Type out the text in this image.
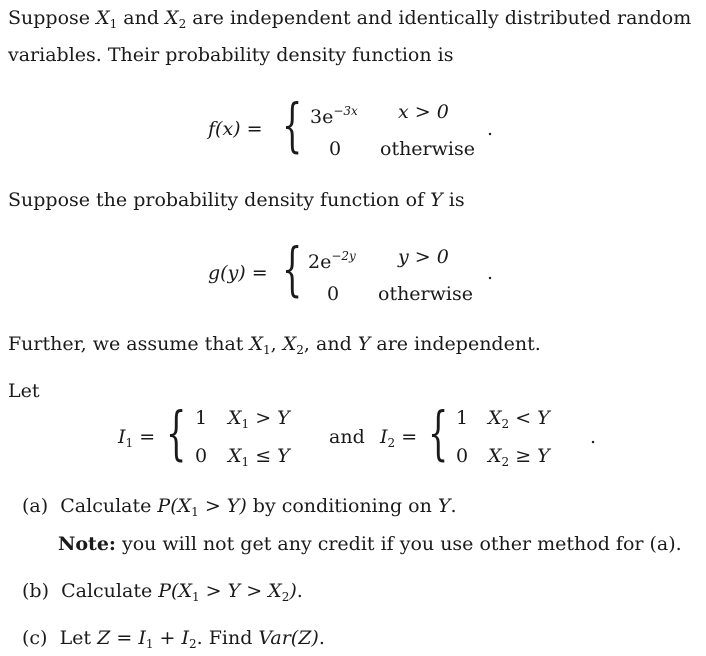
Suppose $X_1$ and $X_2$ are independent and identically distributed random
variables. Their probability density function is
f(x) = { $3e^{-3x}$ x > 0
0 otherwise
.
Suppose the probability density function of Y is
g(y) = { $2e^{-2y}$ y > 0
0 otherwise
.
Further, we assume that $X_1$, $X_2$, and Y are independent.
Let
$I_1$ = { 1 $X_1 > Y$
0 $X_1 \le Y$
and $I_2$ = { 1 $X_2 < Y$
0 $X_2 \ge Y$
.
(a) Calculate $P(X_1 > Y)$ by conditioning on Y.
Note: you will not get any credit if you use other method for (a).
(b) Calculate $P(X_1 > Y > X_2)$.
(c) Let $Z = I_1 + I_2$. Find Var(Z).
